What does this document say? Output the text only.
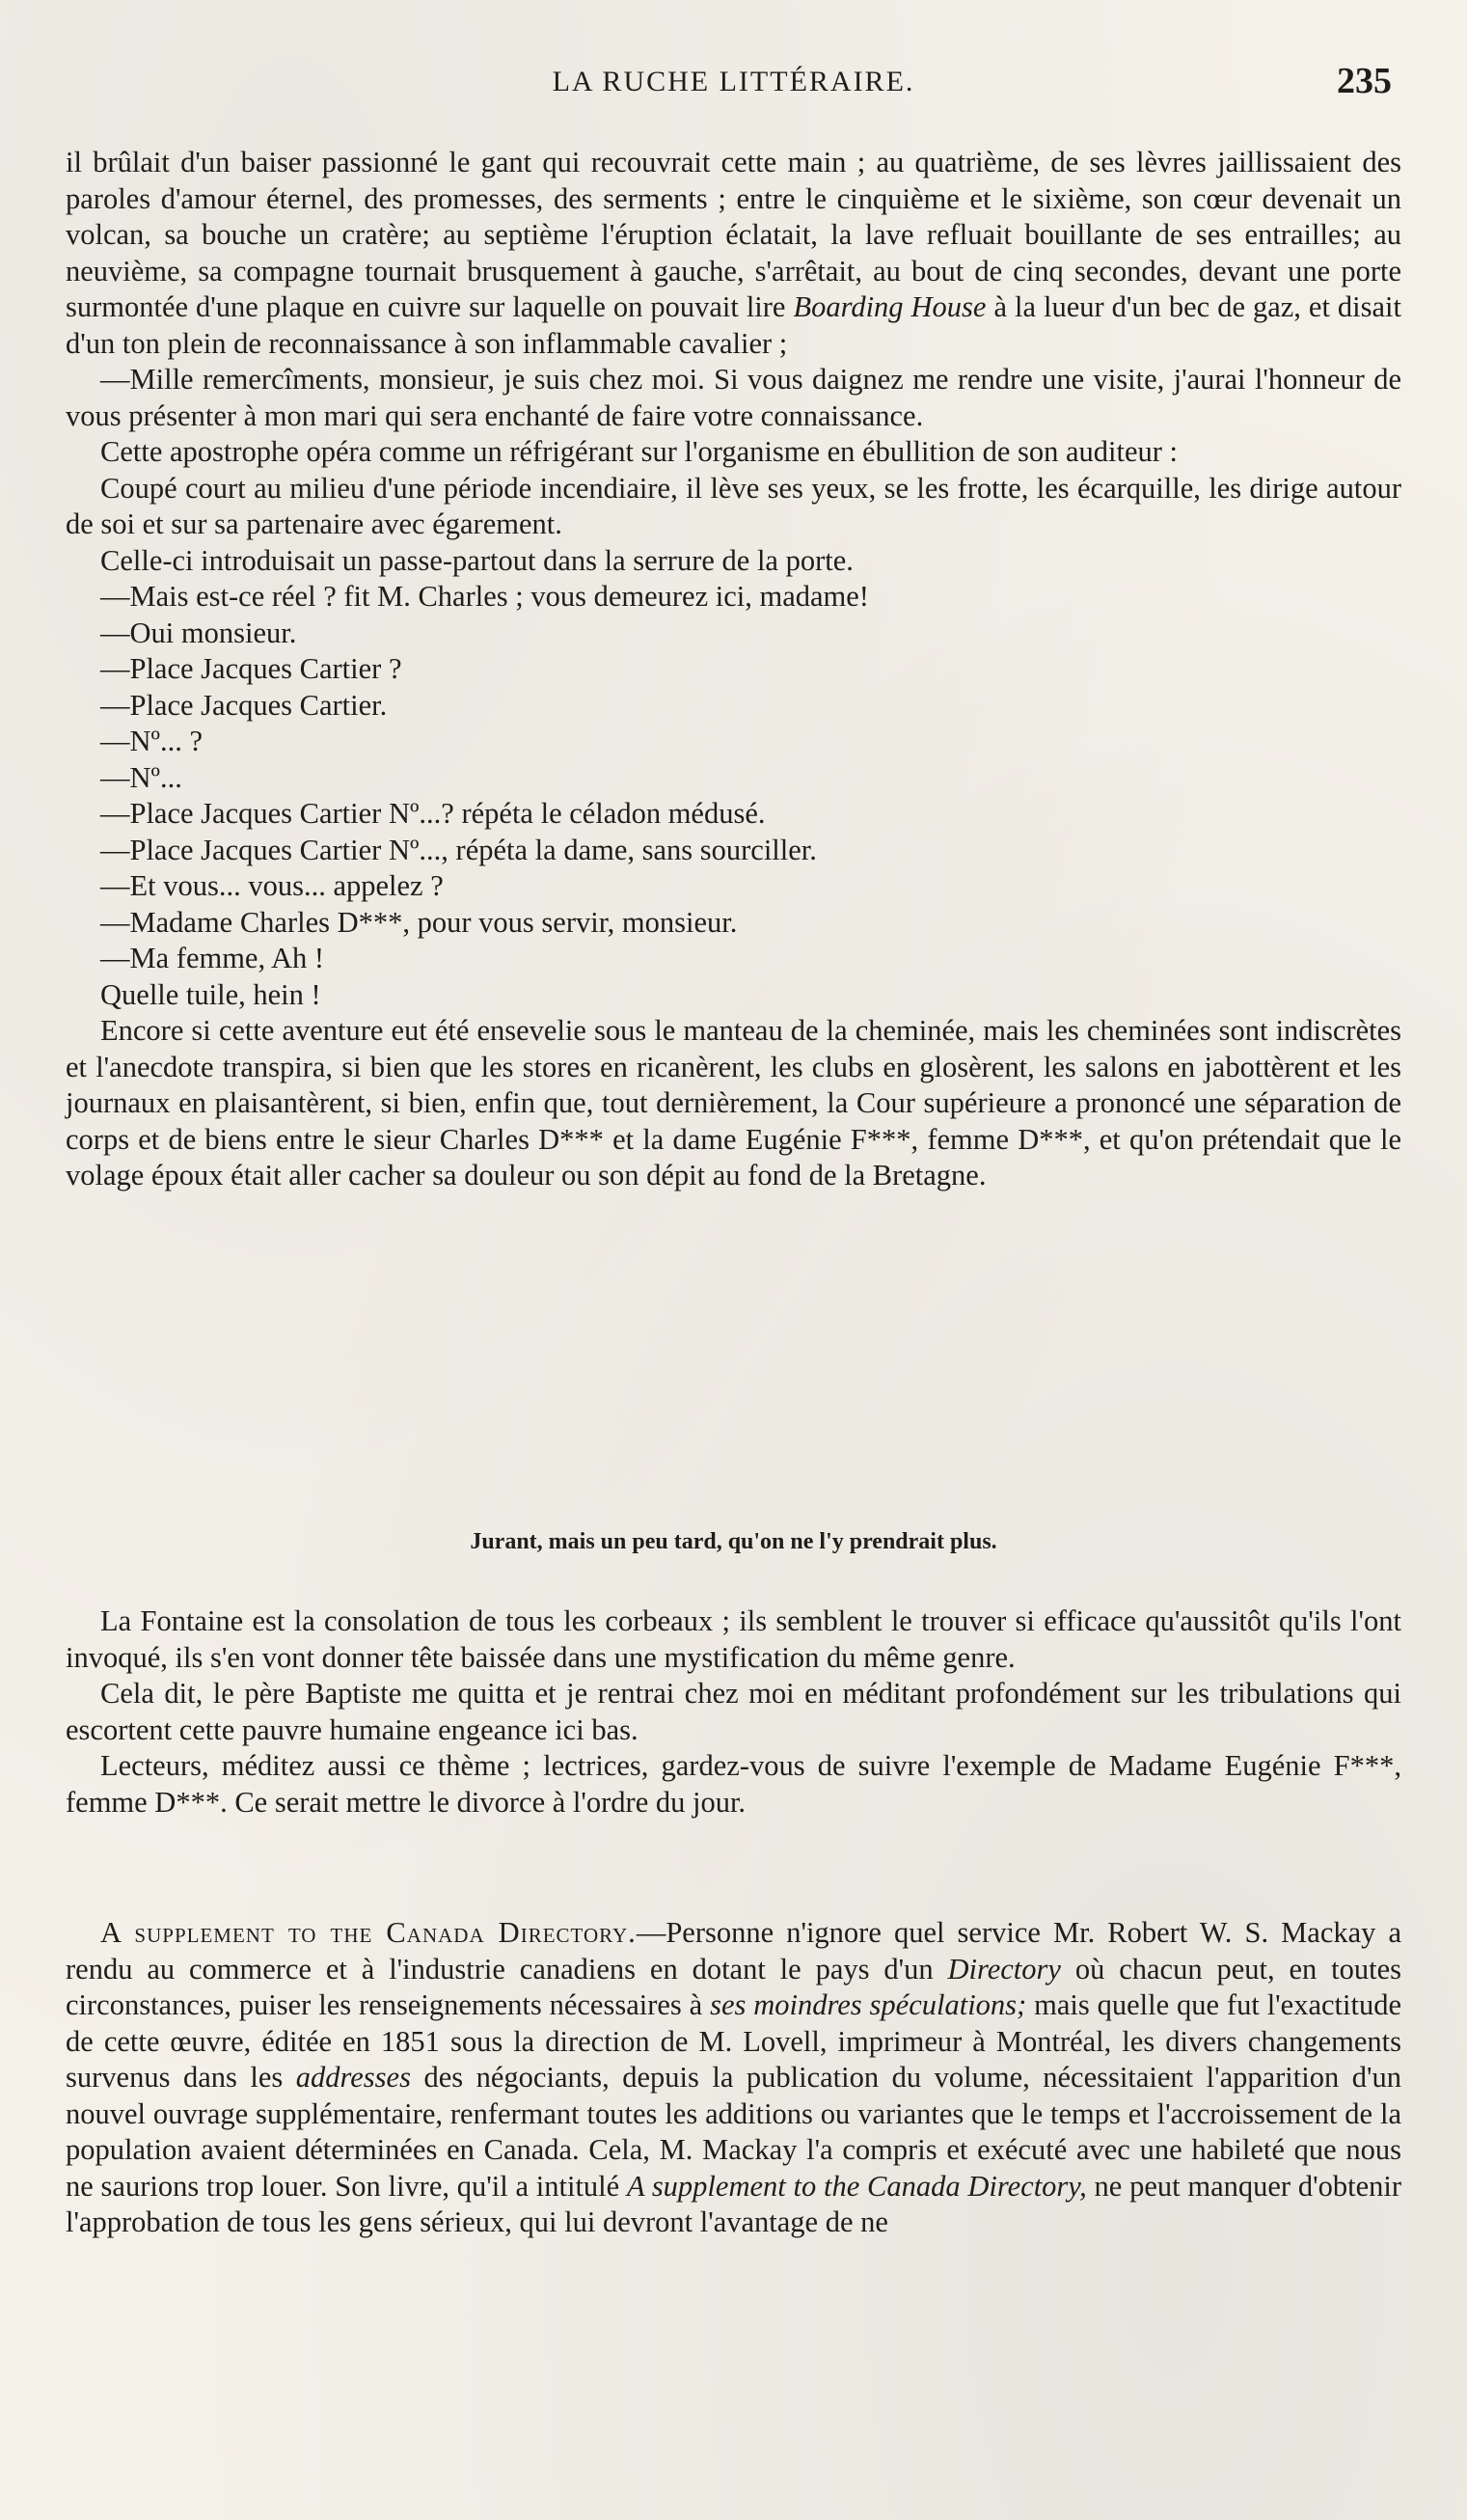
LA RUCHE LITTÉRAIRE.	235

il brûlait d'un baiser passionné le gant qui recouvrait cette main ; au quatrième, de ses lèvres jaillissaient des paroles d'amour éternel, des promesses, des serments ; entre le cinquième et le sixième, son cœur devenait un volcan, sa bouche un cratère; au septième l'éruption éclatait, la lave refluait bouillante de ses entrailles; au neuvième, sa compagne tournait brusquement à gauche, s'arrêtait, au bout de cinq secondes, devant une porte surmontée d'une plaque en cuivre sur laquelle on pouvait lire Boarding House à la lueur d'un bec de gaz, et disait d'un ton plein de reconnaissance à son inflammable cavalier ;

—Mille remercîments, monsieur, je suis chez moi. Si vous daignez me rendre une visite, j'aurai l'honneur de vous présenter à mon mari qui sera enchanté de faire votre connaissance.

Cette apostrophe opéra comme un réfrigérant sur l'organisme en ébullition de son auditeur :

Coupé court au milieu d'une période incendiaire, il lève ses yeux, se les frotte, les écarquille, les dirige autour de soi et sur sa partenaire avec égarement.

Celle-ci introduisait un passe-partout dans la serrure de la porte.

—Mais est-ce réel ? fit M. Charles ; vous demeurez ici, madame!

—Oui monsieur.

—Place Jacques Cartier ?

—Place Jacques Cartier.

—Nº... ?

—Nº...

—Place Jacques Cartier Nº...? répéta le céladon médusé.

—Place Jacques Cartier Nº..., répéta la dame, sans sourciller.

—Et vous... vous... appelez ?

—Madame Charles D***, pour vous servir, monsieur.

—Ma femme, Ah !

Quelle tuile, hein !

Encore si cette aventure eut été ensevelie sous le manteau de la cheminée, mais les cheminées sont indiscrètes et l'anecdote transpira, si bien que les stores en ricanèrent, les clubs en glosèrent, les salons en jabottèrent et les journaux en plaisantèrent, si bien, enfin que, tout dernièrement, la Cour supérieure a prononcé une séparation de corps et de biens entre le sieur Charles D*** et la dame Eugénie F***, femme D***, et qu'on prétendait que le volage époux était aller cacher sa douleur ou son dépit au fond de la Bretagne.

Jurant, mais un peu tard, qu'on ne l'y prendrait plus.

La Fontaine est la consolation de tous les corbeaux ; ils semblent le trouver si efficace qu'aussitôt qu'ils l'ont invoqué, ils s'en vont donner tête baissée dans une mystification du même genre.

Cela dit, le père Baptiste me quitta et je rentrai chez moi en méditant profondément sur les tribulations qui escortent cette pauvre humaine engeance ici bas.

Lecteurs, méditez aussi ce thème ; lectrices, gardez-vous de suivre l'exemple de Madame Eugénie F***, femme D***. Ce serait mettre le divorce à l'ordre du jour.

A supplement to the Canada Directory.—Personne n'ignore quel service Mr. Robert W. S. Mackay a rendu au commerce et à l'industrie canadiens en dotant le pays d'un Directory où chacun peut, en toutes circonstances, puiser les renseignements nécessaires à ses moindres spéculations; mais quelle que fut l'exactitude de cette œuvre, éditée en 1851 sous la direction de M. Lovell, imprimeur à Montréal, les divers changements survenus dans les addresses des négociants, depuis la publication du volume, nécessitaient l'apparition d'un nouvel ouvrage supplémentaire, renfermant toutes les additions ou variantes que le temps et l'accroissement de la population avaient déterminées en Canada. Cela, M. Mackay l'a compris et exécuté avec une habileté que nous ne saurions trop louer. Son livre, qu'il a intitulé A supplement to the Canada Directory, ne peut manquer d'obtenir l'approbation de tous les gens sérieux, qui lui devront l'avantage de ne
